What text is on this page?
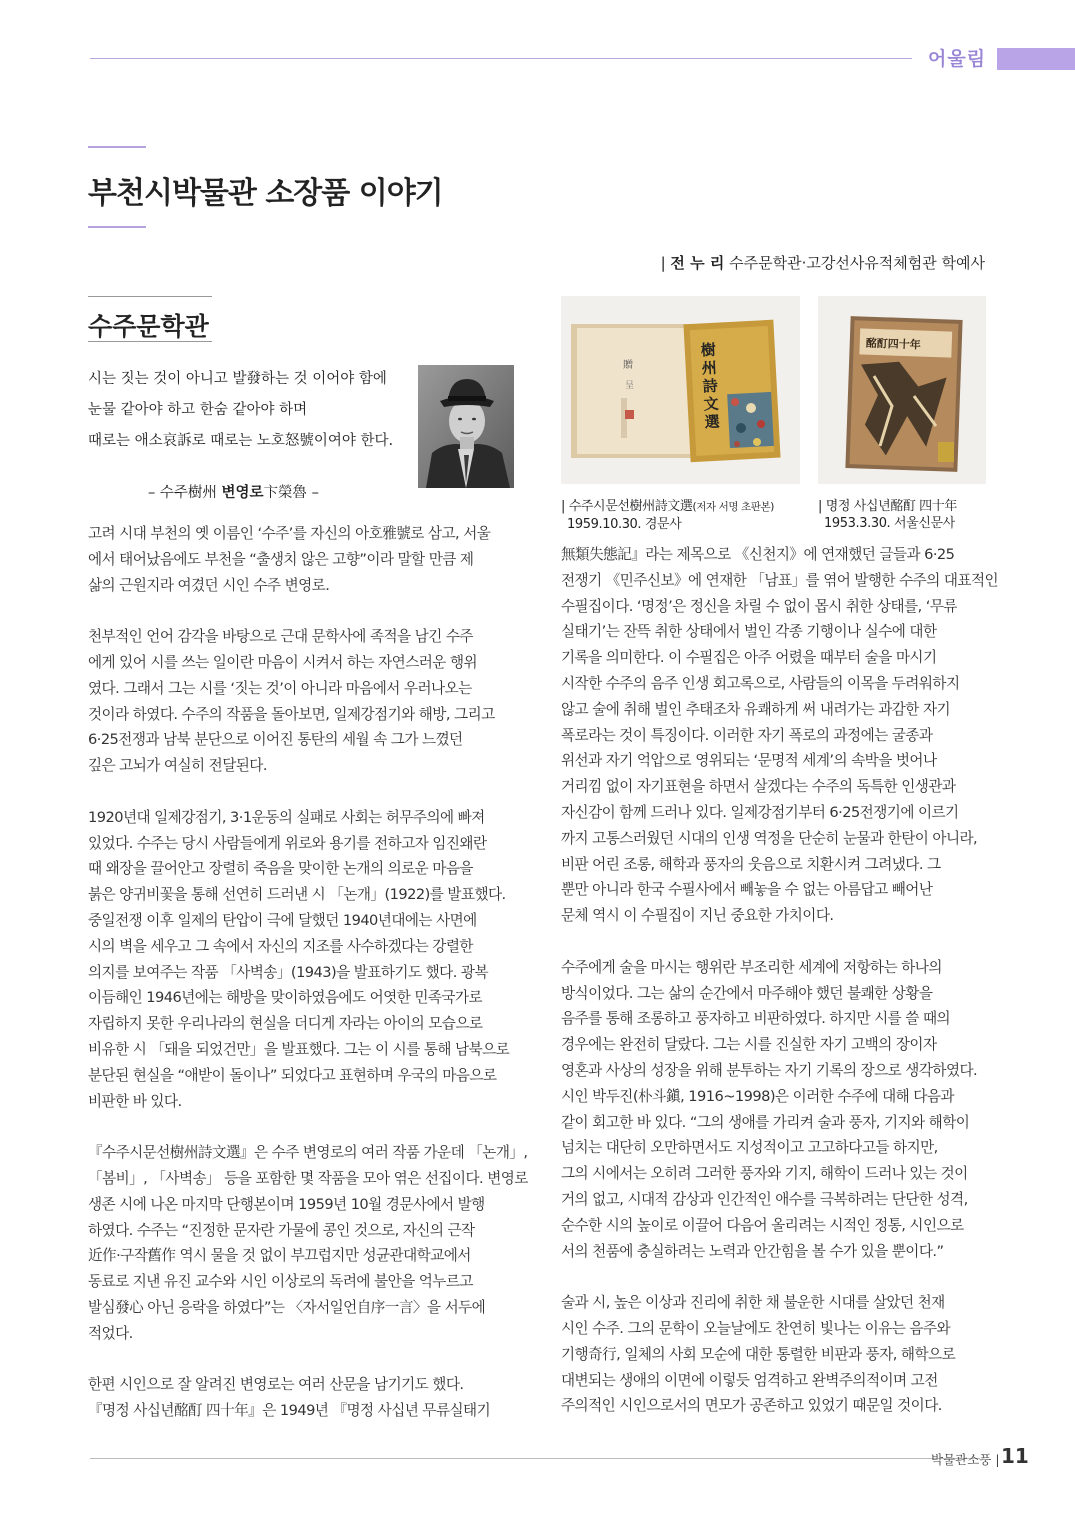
어울림
부천시박물관 소장품 이야기
| 전 누 리 수주문학관·고강선사유적체험관 학예사
수주문학관
시는 짓는 것이 아니고 발發하는 것 이어야 함에
눈물 같아야 하고 한숨 같아야 하며
때로는 애소哀訴로 때로는 노호怒號이여야 한다.
– 수주樹州 변영로卞榮魯 –

고려 시대 부천의 옛 이름인 ‘수주’를 자신의 아호雅號로 삼고, 서울

에서 태어났음에도 부천을 “출생치 않은 고향”이라 말할 만큼 제

삶의 근원지라 여겼던 시인 수주 변영로.

천부적인 언어 감각을 바탕으로 근대 문학사에 족적을 남긴 수주

에게 있어 시를 쓰는 일이란 마음이 시켜서 하는 자연스러운 행위

였다. 그래서 그는 시를 ‘짓는 것’이 아니라 마음에서 우러나오는

것이라 하였다. 수주의 작품을 돌아보면, 일제강점기와 해방, 그리고

6·25전쟁과 남북 분단으로 이어진 통탄의 세월 속 그가 느꼈던

깊은 고뇌가 여실히 전달된다.

1920년대 일제강점기, 3·1운동의 실패로 사회는 허무주의에 빠져

있었다. 수주는 당시 사람들에게 위로와 용기를 전하고자 임진왜란

때 왜장을 끌어안고 장렬히 죽음을 맞이한 논개의 의로운 마음을

붉은 양귀비꽃을 통해 선연히 드러낸 시 「논개」(1922)를 발표했다.

중일전쟁 이후 일제의 탄압이 극에 달했던 1940년대에는 사면에

시의 벽을 세우고 그 속에서 자신의 지조를 사수하겠다는 강렬한

의지를 보여주는 작품 「사벽송」(1943)을 발표하기도 했다. 광복

이듬해인 1946년에는 해방을 맞이하였음에도 어엿한 민족국가로

자립하지 못한 우리나라의 현실을 더디게 자라는 아이의 모습으로

비유한 시 「돼을 되었건만」을 발표했다. 그는 이 시를 통해 남북으로

분단된 현실을 “애받이 돌이나” 되었다고 표현하며 우국의 마음으로

비판한 바 있다.

『수주시문선樹州詩文選』은 수주 변영로의 여러 작품 가운데 「논개」,

「봄비」, 「사벽송」 등을 포함한 몇 작품을 모아 엮은 선집이다. 변영로

생존 시에 나온 마지막 단행본이며 1959년 10월 경문사에서 발행

하였다. 수주는 “진정한 문자란 가물에 콩인 것으로, 자신의 근작

近作·구작舊作 역시 물을 것 없이 부끄럽지만 성균관대학교에서

동료로 지낸 유진 교수와 시인 이상로의 독려에 불안을 억누르고

발심發心 아닌 응락을 하였다”는 〈자서일언自序一言〉을 서두에

적었다.

한편 시인으로 잘 알려진 변영로는 여러 산문을 남기기도 했다.

『명정 사십년酩酊 四十年』은 1949년 『명정 사십년 무류실태기

贈
呈
樹
州
詩
文
選
酩酊四十年
| 수주시문선樹州詩文選(저자 서명 초판본)
1959.10.30. 경문사
| 명정 사십년酩酊 四十年
1953.3.30. 서울신문사

無類失態記』라는 제목으로 《신천지》에 연재했던 글들과 6·25

전쟁기 《민주신보》에 연재한 「남표」를 엮어 발행한 수주의 대표적인

수필집이다. ‘명정’은 정신을 차릴 수 없이 몹시 취한 상태를, ‘무류

실태기’는 잔뜩 취한 상태에서 벌인 각종 기행이나 실수에 대한

기록을 의미한다. 이 수필집은 아주 어렸을 때부터 술을 마시기

시작한 수주의 음주 인생 회고록으로, 사람들의 이목을 두려워하지

않고 술에 취해 벌인 추태조차 유쾌하게 써 내려가는 과감한 자기

폭로라는 것이 특징이다. 이러한 자기 폭로의 과정에는 굴종과

위선과 자기 억압으로 영위되는 ‘문명적 세계’의 속박을 벗어나

거리낌 없이 자기표현을 하면서 살겠다는 수주의 독특한 인생관과

자신감이 함께 드러나 있다. 일제강점기부터 6·25전쟁기에 이르기

까지 고통스러웠던 시대의 인생 역정을 단순히 눈물과 한탄이 아니라,

비판 어린 조롱, 해학과 풍자의 웃음으로 치환시켜 그려냈다. 그

뿐만 아니라 한국 수필사에서 빼놓을 수 없는 아름답고 빼어난

문체 역시 이 수필집이 지닌 중요한 가치이다.

수주에게 술을 마시는 행위란 부조리한 세계에 저항하는 하나의

방식이었다. 그는 삶의 순간에서 마주해야 했던 불쾌한 상황을

음주를 통해 조롱하고 풍자하고 비판하였다. 하지만 시를 쓸 때의

경우에는 완전히 달랐다. 그는 시를 진실한 자기 고백의 장이자

영혼과 사상의 성장을 위해 분투하는 자기 기록의 장으로 생각하였다.

시인 박두진(朴斗鎭, 1916~1998)은 이러한 수주에 대해 다음과

같이 회고한 바 있다. “그의 생애를 가리켜 술과 풍자, 기지와 해학이

넘치는 대단히 오만하면서도 지성적이고 고고하다고들 하지만,

그의 시에서는 오히려 그러한 풍자와 기지, 해학이 드러나 있는 것이

거의 없고, 시대적 감상과 인간적인 애수를 극복하려는 단단한 성격,

순수한 시의 높이로 이끌어 다음어 올리려는 시적인 정통, 시인으로

서의 천품에 충실하려는 노력과 안간힘을 볼 수가 있을 뿐이다.”

술과 시, 높은 이상과 진리에 취한 채 불운한 시대를 살았던 천재

시인 수주. 그의 문학이 오늘날에도 찬연히 빛나는 이유는 음주와

기행奇行, 일체의 사회 모순에 대한 통렬한 비판과 풍자, 해학으로

대변되는 생애의 이면에 이렇듯 엄격하고 완벽주의적이며 고전

주의적인 시인으로서의 면모가 공존하고 있었기 때문일 것이다.

박물관소풍 | 11
